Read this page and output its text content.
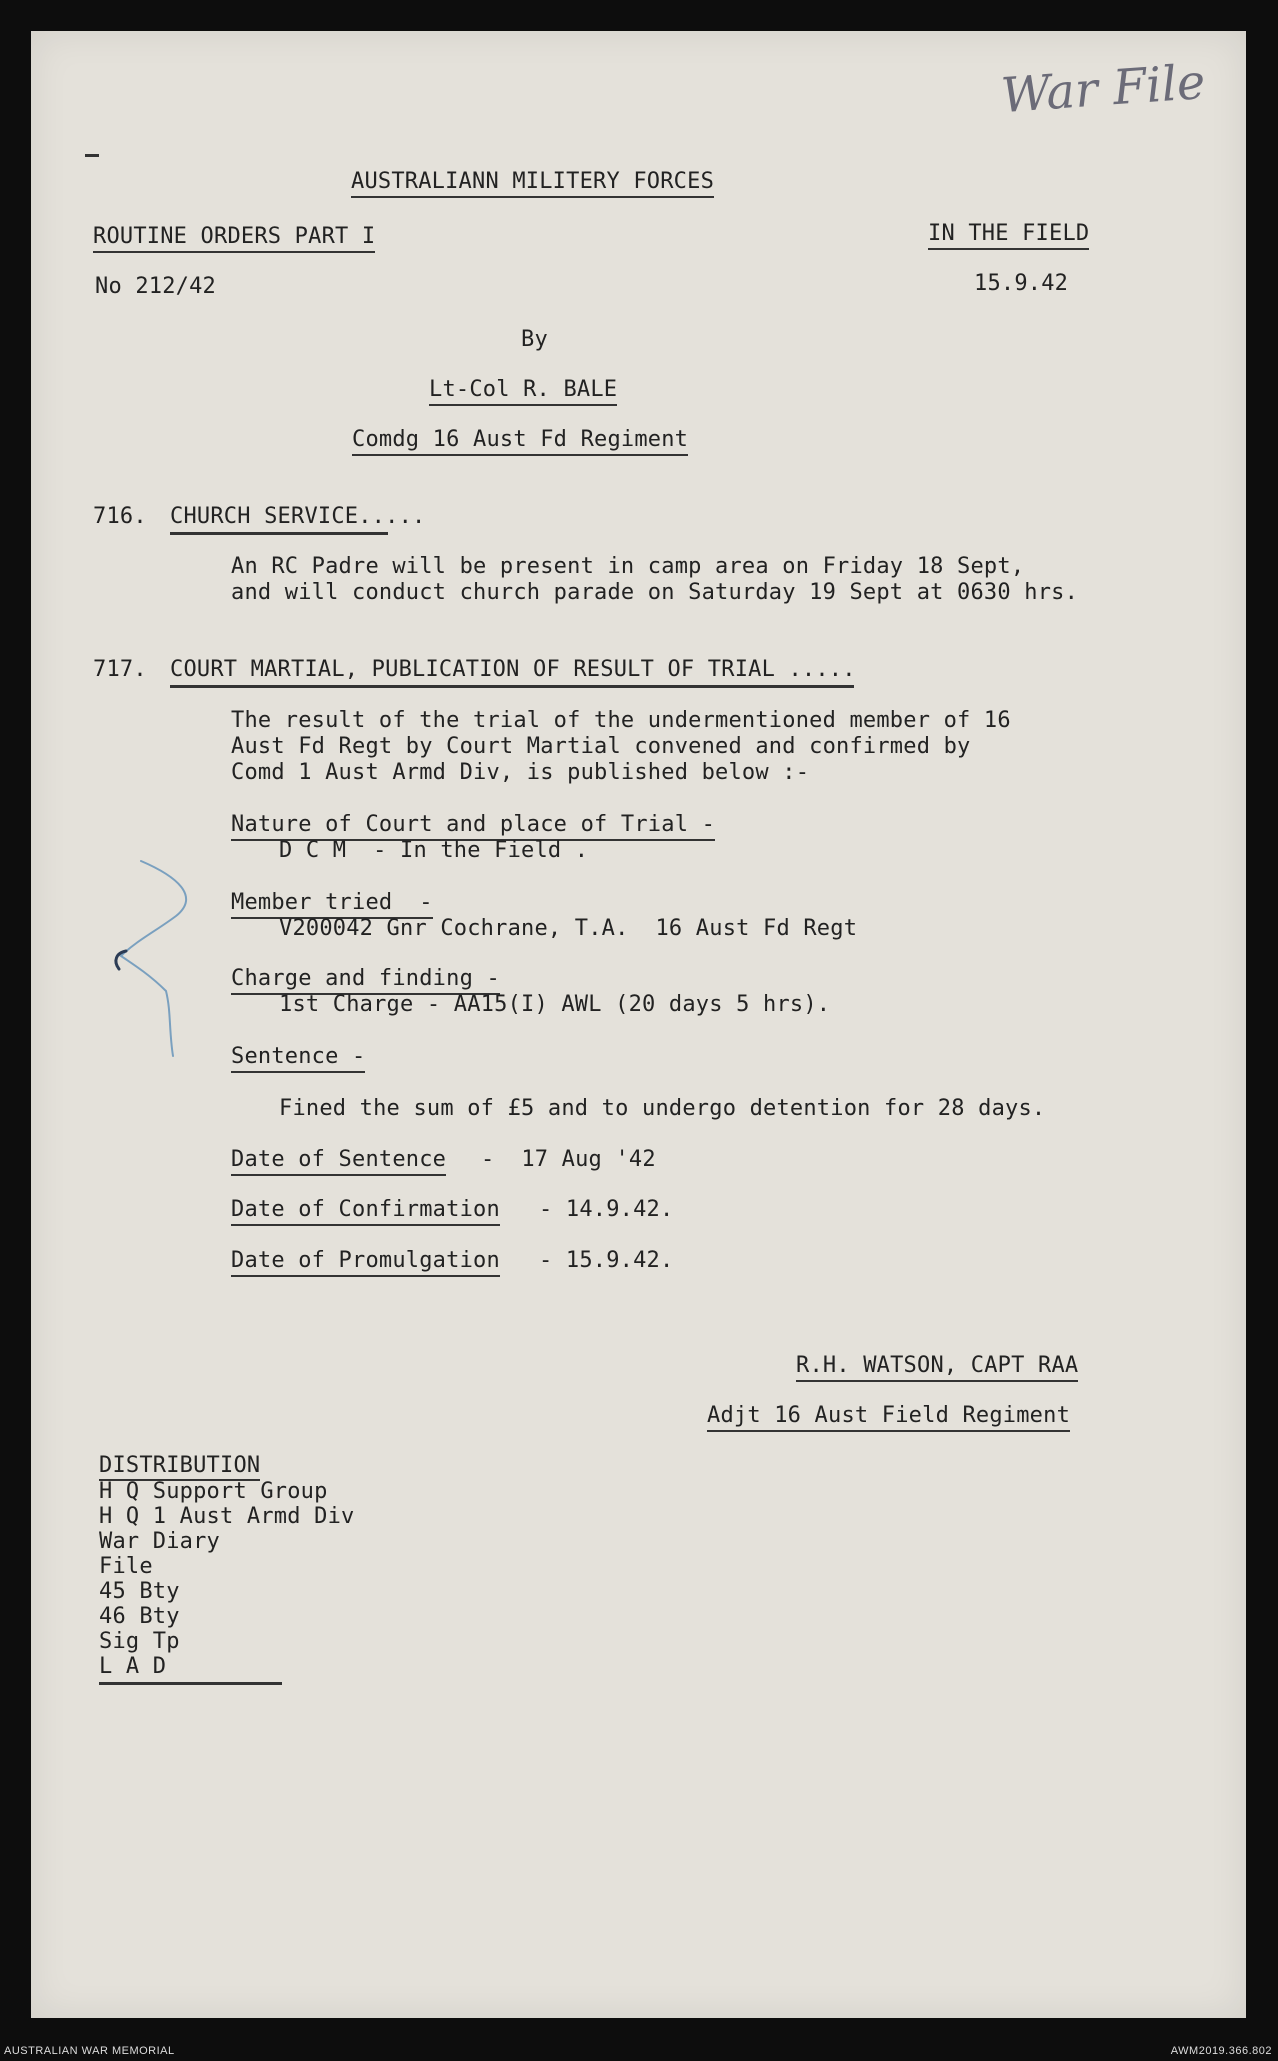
War File
AUSTRALIANN MILITERY FORCES
ROUTINE ORDERS PART I	IN THE FIELD
No 212/42	15.9.42
By
Lt-Col R. BALE
Comdg 16 Aust Fd Regiment
716. CHURCH SERVICE.....
An RC Padre will be present in camp area on Friday 18 Sept,
and will conduct church parade on Saturday 19 Sept at 0630 hrs.
717. COURT MARTIAL, PUBLICATION OF RESULT OF TRIAL .....
The result of the trial of the undermentioned member of 16
Aust Fd Regt by Court Martial convened and confirmed by
Comd 1 Aust Armd Div, is published below :-
Nature of Court and place of Trial -
D C M  - In the Field .
Member tried  -
V200042 Gnr Cochrane, T.A.  16 Aust Fd Regt
Charge and finding -
1st Charge - AA15(I) AWL (20 days 5 hrs).
Sentence -
Fined the sum of £5 and to undergo detention for 28 days.
Date of Sentence -  17 Aug '42
Date of Confirmation - 14.9.42.
Date of Promulgation - 15.9.42.
R.H. WATSON, CAPT RAA
Adjt 16 Aust Field Regiment
DISTRIBUTION
H Q Support Group
H Q 1 Aust Armd Div
War Diary
File
45 Bty
46 Bty
Sig Tp
L A D
AUSTRALIAN WAR MEMORIAL	AWM2019.366.802
